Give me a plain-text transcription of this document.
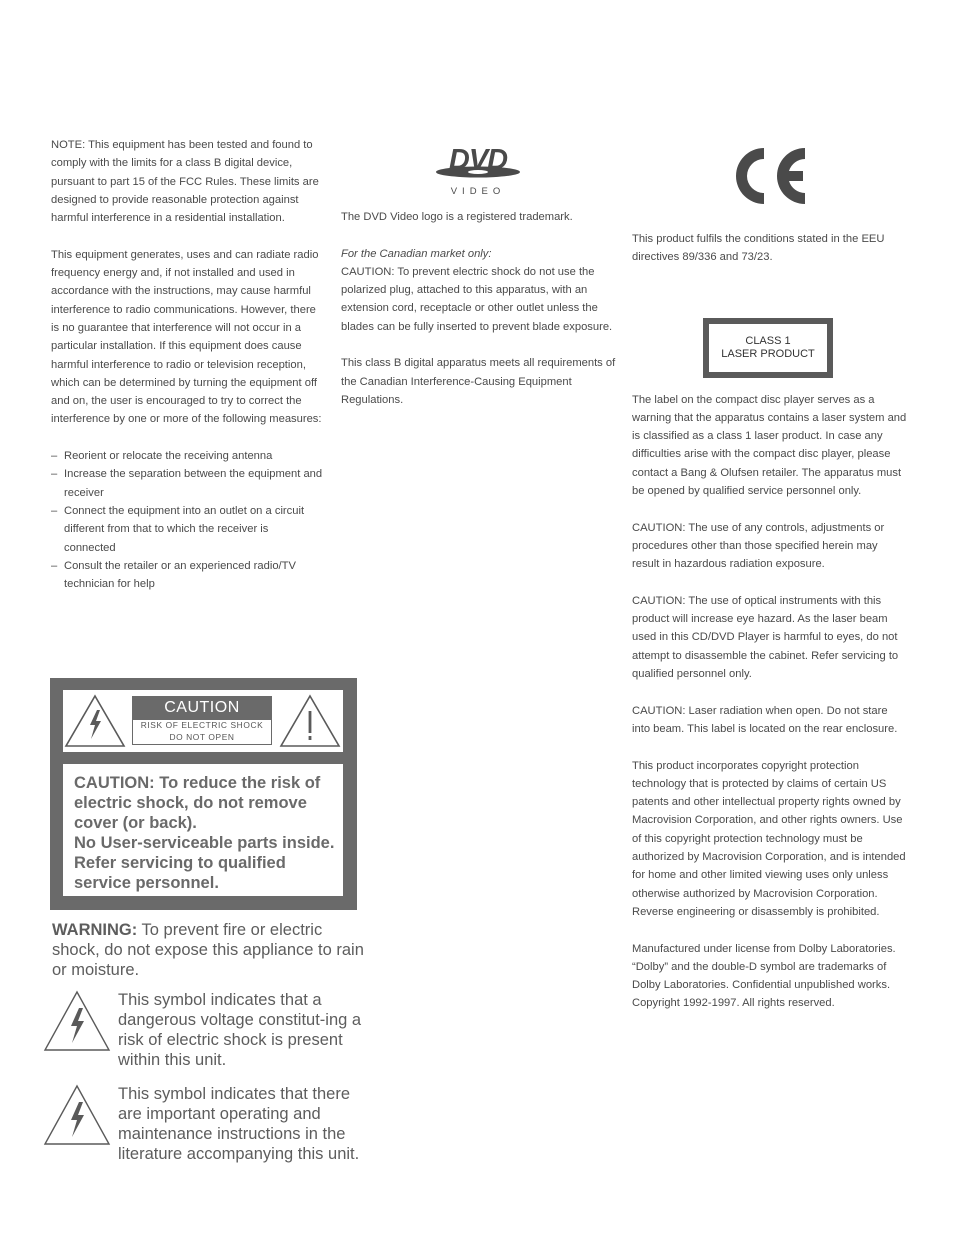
NOTE: This equipment has been tested and found to comply with the limits for a class B digital device, pursuant to part 15 of the FCC Rules. These limits are designed to provide reasonable protection against harmful interference in a residential installation.

This equipment generates, uses and can radiate radio frequency energy and, if not installed and used in accordance with the instructions, may cause harmful interference to radio communications. However, there is no guarantee that interference will not occur in a particular installation. If this equipment does cause harmful interference to radio or television reception, which can be determined by turning the equipment off and on, the user is encouraged to try to correct the interference by one or more of the following measures:

– Reorient or relocate the receiving antenna
– Increase the separation between the equipment and receiver
– Connect the equipment into an outlet on a circuit different from that to which the receiver is connected
– Consult the retailer or an experienced radio/TV technician for help
CAUTION
RISK OF ELECTRIC SHOCK
DO NOT OPEN
CAUTION: To reduce the risk of electric shock, do not remove cover (or back).
No User-serviceable parts inside. Refer servicing to qualified service personnel.
WARNING: To prevent fire or electric shock, do not expose this appliance to rain or moisture.
This symbol indicates that a dangerous voltage constitut-ing a risk of electric shock is present within this unit.
This symbol indicates that there are important operating and maintenance instructions in the literature accompanying this unit.
DVD
VIDEO

The DVD Video logo is a registered trademark.

For the Canadian market only:

CAUTION: To prevent electric shock do not use the polarized plug, attached to this apparatus, with an extension cord, receptacle or other outlet unless the blades can be fully inserted to prevent blade exposure.

This class B digital apparatus meets all requirements of the Canadian Interference-Causing Equipment Regulations.

CLASS 1
LASER PRODUCT

This product fulfils the conditions stated in the EEU directives 89/336 and 73/23.

The label on the compact disc player serves as a warning that the apparatus contains a laser system and is classified as a class 1 laser product. In case any difficulties arise with the compact disc player, please contact a Bang & Olufsen retailer. The apparatus must be opened by qualified service personnel only.

CAUTION: The use of any controls, adjustments or procedures other than those specified herein may result in hazardous radiation exposure.

CAUTION: The use of optical instruments with this product will increase eye hazard. As the laser beam used in this CD/DVD Player is harmful to eyes, do not attempt to disassemble the cabinet. Refer servicing to qualified personnel only.

CAUTION: Laser radiation when open. Do not stare into beam. This label is located on the rear enclosure.

This product incorporates copyright protection technology that is protected by claims of certain US patents and other intellectual property rights owned by Macrovision Corporation, and other rights owners. Use of this copyright protection technology must be authorized by Macrovision Corporation, and is intended for home and other limited viewing uses only unless otherwise authorized by Macrovision Corporation. Reverse engineering or disassembly is prohibited.

Manufactured under license from Dolby Laboratories. “Dolby” and the double-D symbol are trademarks of Dolby Laboratories. Confidential unpublished works. Copyright 1992-1997. All rights reserved.
